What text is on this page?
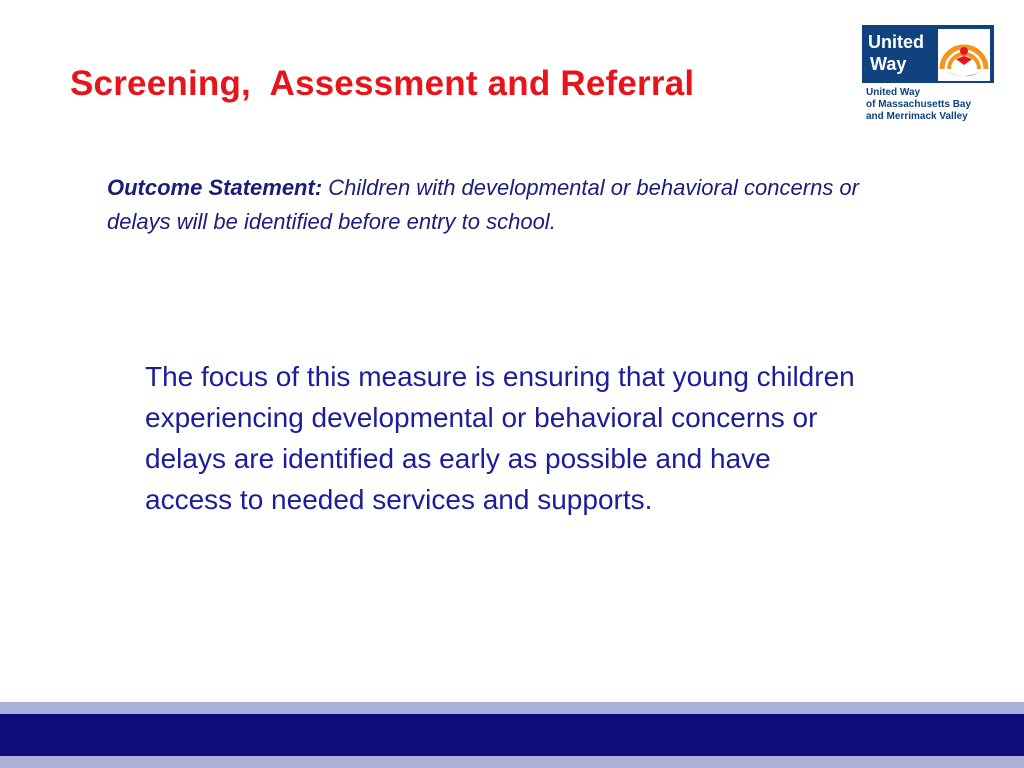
Screening,  Assessment and Referral
United
Way
United Way
of Massachusetts Bay
and Merrimack Valley
Outcome Statement: Children with developmental or behavioral concerns or delays will be identified before entry to school.
The focus of this measure is ensuring that young children experiencing developmental or behavioral concerns or delays are identified as early as possible and have access to needed services and supports.
